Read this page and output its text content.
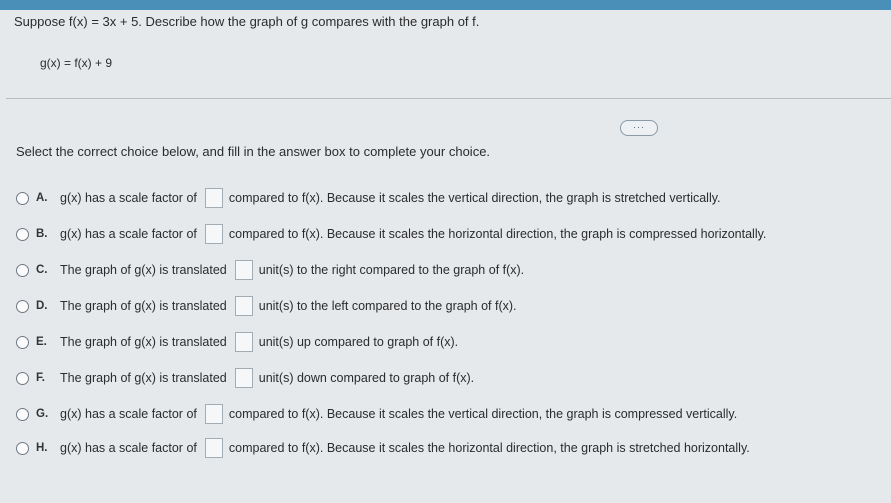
Suppose f(x) = 3x + 5. Describe how the graph of g compares with the graph of f.
g(x) = f(x) + 9
···
Select the correct choice below, and fill in the answer box to complete your choice.
A.	g(x) has a scale factor of	compared to f(x). Because it scales the vertical direction, the graph is stretched vertically.
B.	g(x) has a scale factor of	compared to f(x). Because it scales the horizontal direction, the graph is compressed horizontally.
C.	The graph of g(x) is translated	unit(s) to the right compared to the graph of f(x).
D.	The graph of g(x) is translated	unit(s) to the left compared to the graph of f(x).
E.	The graph of g(x) is translated	unit(s) up compared to graph of f(x).
F.	The graph of g(x) is translated	unit(s) down compared to graph of f(x).
G. g(x) has a scale factor of	compared to f(x). Because it scales the vertical direction, the graph is compressed vertically.
H.	g(x) has a scale factor of	compared to f(x). Because it scales the horizontal direction, the graph is stretched horizontally.
